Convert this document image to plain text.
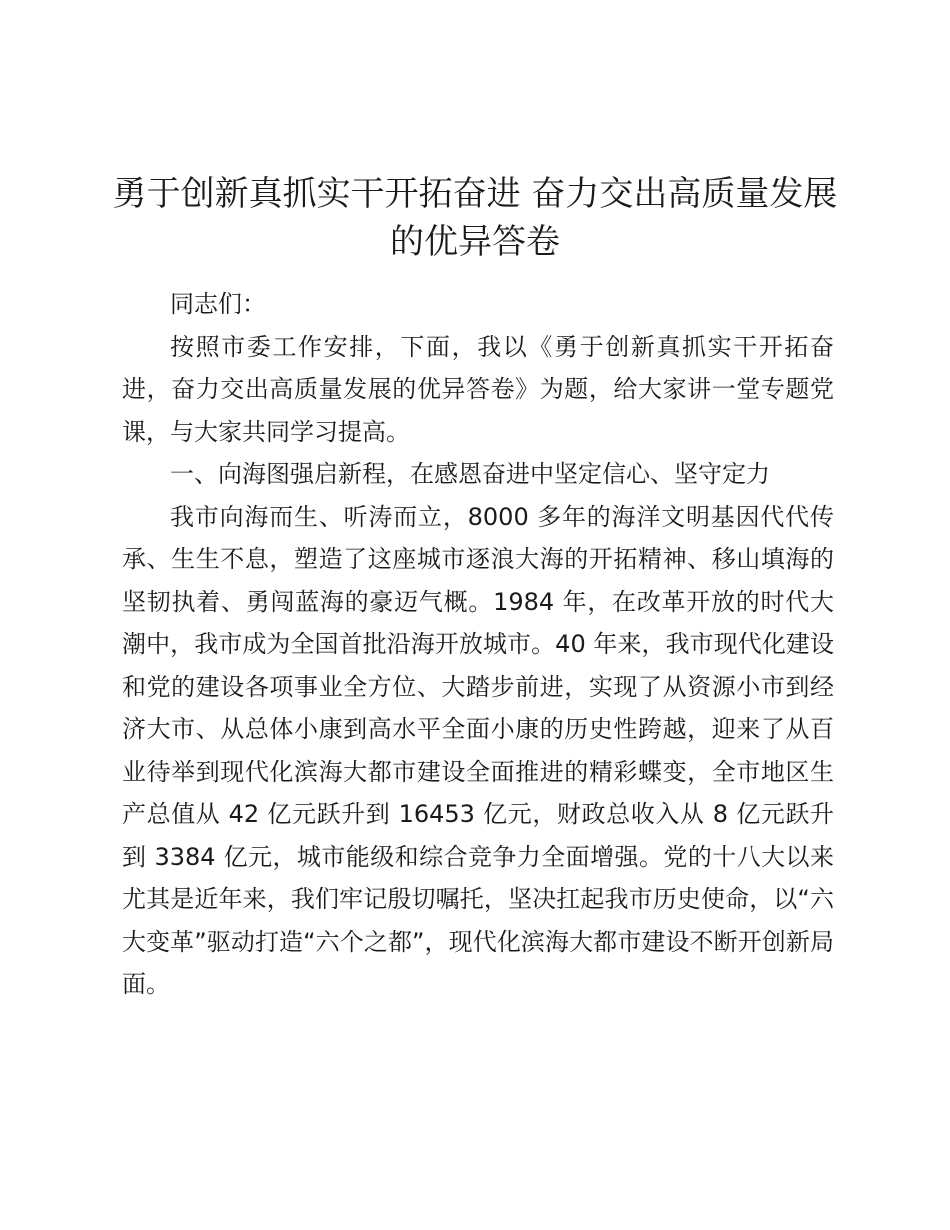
勇于创新真抓实干开拓奋进 奋力交出高质量发展的优异答卷

同志们：

按照市委工作安排，下面，我以《勇于创新真抓实干开拓奋进，奋力交出高质量发展的优异答卷》为题，给大家讲一堂专题党课，与大家共同学习提高。

一、向海图强启新程，在感恩奋进中坚定信心、坚守定力

我市向海而生、听涛而立，8000 多年的海洋文明基因代代传承、生生不息，塑造了这座城市逐浪大海的开拓精神、移山填海的坚韧执着、勇闯蓝海的豪迈气概。1984 年，在改革开放的时代大潮中，我市成为全国首批沿海开放城市。40 年来，我市现代化建设和党的建设各项事业全方位、大踏步前进，实现了从资源小市到经济大市、从总体小康到高水平全面小康的历史性跨越，迎来了从百业待举到现代化滨海大都市建设全面推进的精彩蝶变，全市地区生产总值从 42 亿元跃升到 16453 亿元，财政总收入从 8 亿元跃升到 3384 亿元，城市能级和综合竞争力全面增强。党的十八大以来尤其是近年来，我们牢记殷切嘱托，坚决扛起我市历史使命，以“六大变革”驱动打造“六个之都”，现代化滨海大都市建设不断开创新局面。
